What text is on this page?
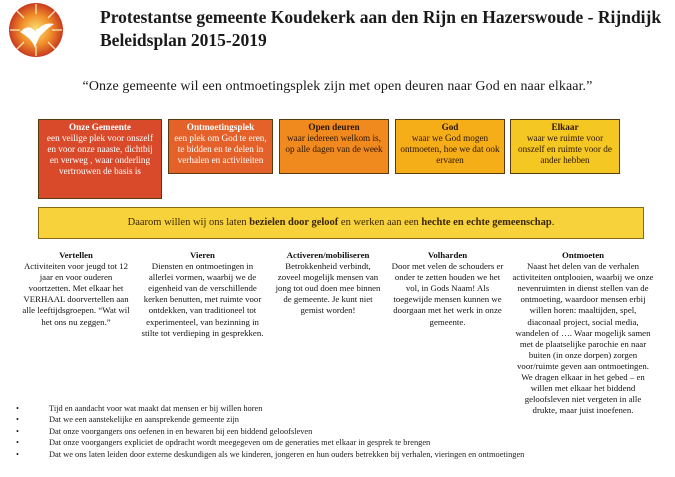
Protestantse gemeente Koudekerk aan den Rijn en Hazerswoude - Rijndijk
Beleidsplan 2015-2019
“Onze gemeente wil een ontmoetingsplek zijn met open deuren naar God en naar elkaar.”
Onze Gemeente
een veilige plek voor onszelf en voor onze naaste, dichtbij en verweg , waar onderling vertrouwen de basis is
Ontmoetingsplek
een plek om God te eren, te bidden en te delen in verhalen en activiteiten
Open deuren
waar iedereen welkom is, op alle dagen van de week
God
waar we God mogen ontmoeten, hoe we dat ook ervaren
Elkaar
waar we ruimte voor onszelf en ruimte voor de ander hebben
Daarom willen wij ons laten bezielen door geloof en werken aan een hechte en echte gemeenschap.
Vertellen
Activiteiten voor jeugd tot 12 jaar en voor ouderen voortzetten. Met elkaar het VERHAAL doorvertellen aan alle leeftijdsgroepen. “Wat wil het ons nu zeggen.”
Vieren
Diensten en ontmoetingen in allerlei vormen, waarbij we de eigenheid van de verschillende kerken benutten, met ruimte voor ontdekken, van traditioneel tot experimenteel, van bezinning in stilte tot verdieping in gesprekken.
Activeren/mobiliseren
Betrokkenheid verbindt, zoveel mogelijk mensen van jong tot oud doen mee binnen de gemeente. Je kunt niet gemist worden!
Volharden
Door met velen de schouders er onder te zetten houden we het vol, in Gods Naam! Als toegewijde mensen kunnen we doorgaan met het werk in onze gemeente.
Ontmoeten
Naast het delen van de verhalen activiteiten ontplooien, waarbij we onze nevenruimten in dienst stellen van de ontmoeting, waardoor mensen erbij willen horen: maaltijden, spel, diaconaal project, social media, wandelen of …. Waar mogelijk samen met de plaatselijke parochie en naar buiten (in onze dorpen) zorgen voor/ruimte geven aan ontmoetingen. We dragen elkaar in het gebed – en willen met elkaar het biddend geloofsleven niet vergeten in alle drukte, maar juist inoefenen.
• Tijd en aandacht voor wat maakt dat mensen er bij willen horen
• Dat we een aanstekelijke en aansprekende gemeente zijn
• Dat onze voorgangers ons oefenen in en bewaren bij een biddend geloofsleven
• Dat onze voorgangers expliciet de opdracht wordt meegegeven om de generaties met elkaar in gesprek te brengen
• Dat we ons laten leiden door externe deskundigen als we kinderen, jongeren en hun ouders betrekken bij verhalen, vieringen en ontmoetingen
